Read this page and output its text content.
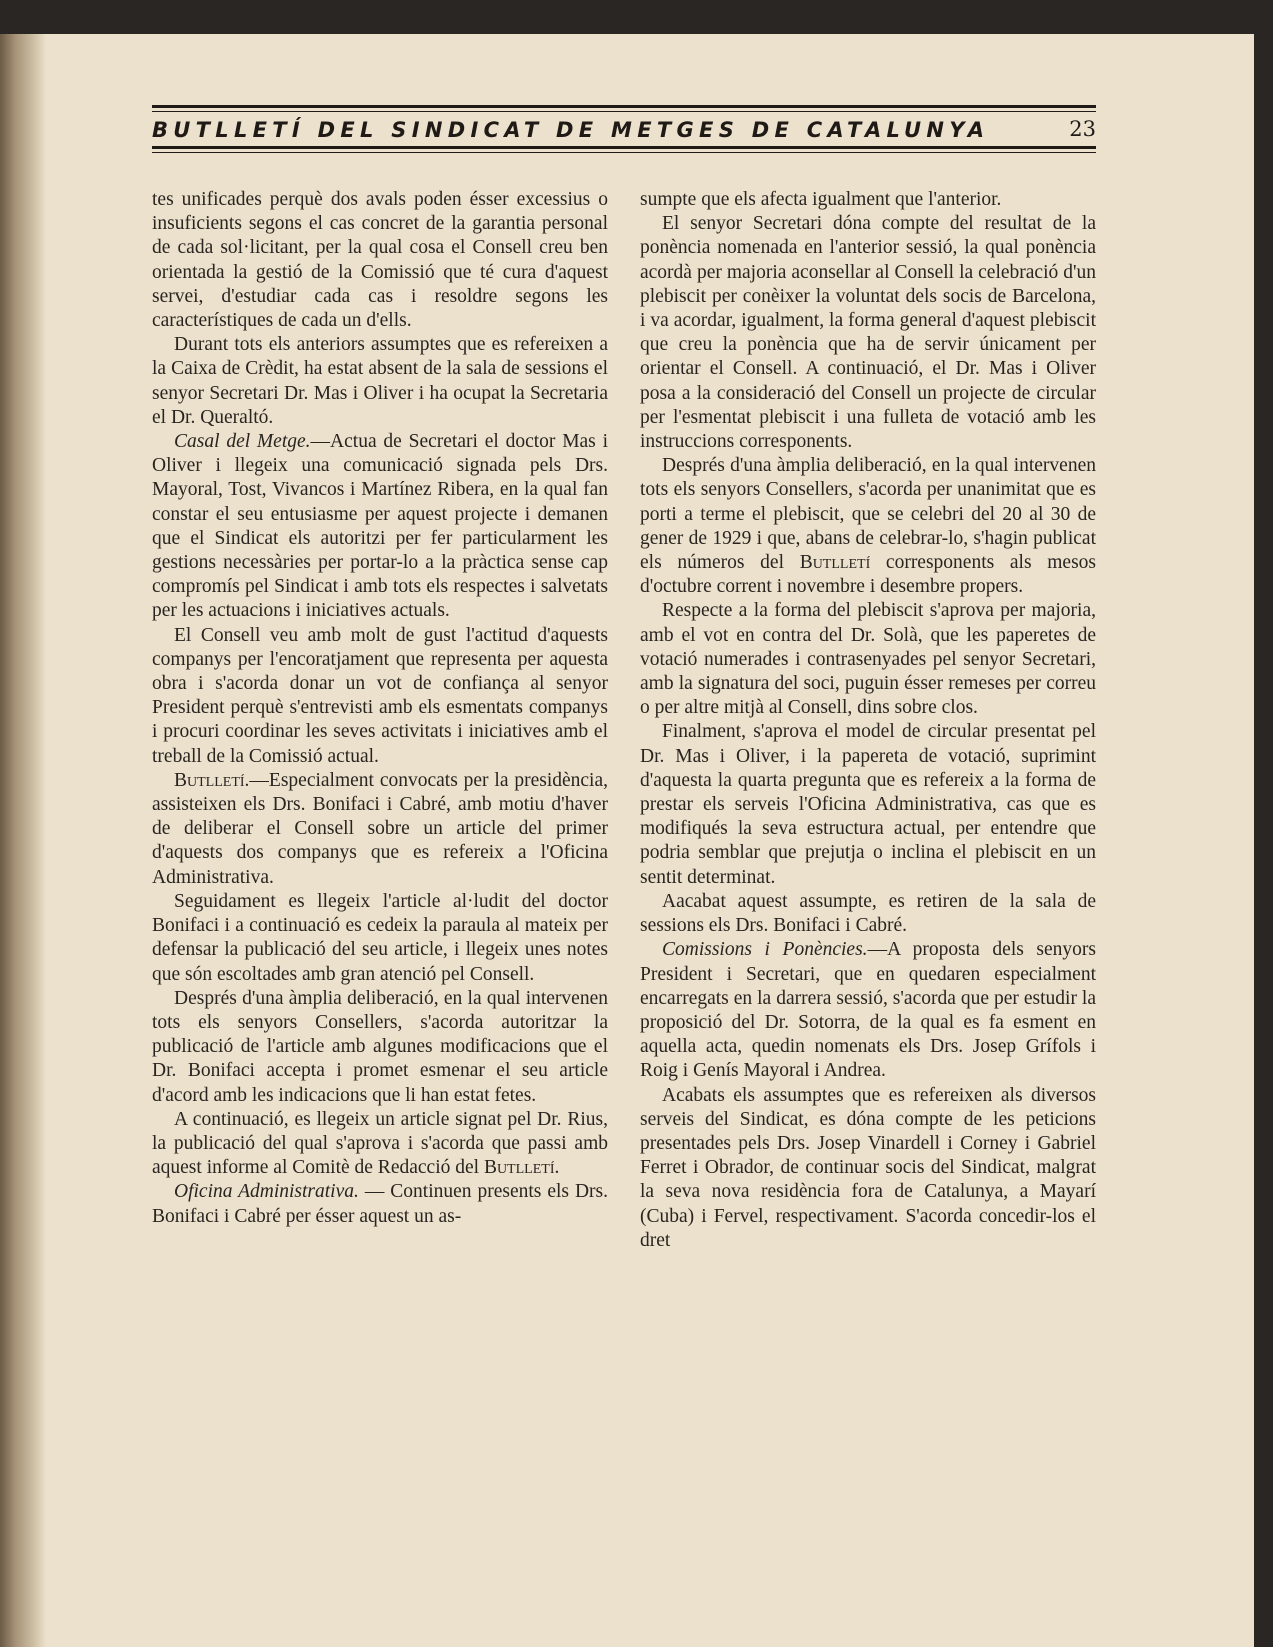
BUTLLETÍ DEL SINDICAT DE METGES DE CATALUNYA	23

tes unificades perquè dos avals poden ésser excessius o insuficients segons el cas concret de la garantia personal de cada sol·licitant, per la qual cosa el Consell creu ben orientada la gestió de la Comissió que té cura d'aquest servei, d'estudiar cada cas i resoldre segons les característiques de cada un d'ells.

Durant tots els anteriors assumptes que es refereixen a la Caixa de Crèdit, ha estat absent de la sala de sessions el senyor Secretari Dr. Mas i Oliver i ha ocupat la Secretaria el Dr. Queraltó.

Casal del Metge.—Actua de Secretari el doctor Mas i Oliver i llegeix una comunicació signada pels Drs. Mayoral, Tost, Vivancos i Martínez Ribera, en la qual fan constar el seu entusiasme per aquest projecte i demanen que el Sindicat els autoritzi per fer particularment les gestions necessàries per portar-lo a la pràctica sense cap compromís pel Sindicat i amb tots els respectes i salvetats per les actuacions i iniciatives actuals.

El Consell veu amb molt de gust l'actitud d'aquests companys per l'encoratjament que representa per aquesta obra i s'acorda donar un vot de confiança al senyor President perquè s'entrevisti amb els esmentats companys i procuri coordinar les seves activitats i iniciatives amb el treball de la Comissió actual.

Butlletí.—Especialment convocats per la presidència, assisteixen els Drs. Bonifaci i Cabré, amb motiu d'haver de deliberar el Consell sobre un article del primer d'aquests dos companys que es refereix a l'Oficina Administrativa.

Seguidament es llegeix l'article al·ludit del doctor Bonifaci i a continuació es cedeix la paraula al mateix per defensar la publicació del seu article, i llegeix unes notes que són escoltades amb gran atenció pel Consell.

Després d'una àmplia deliberació, en la qual intervenen tots els senyors Consellers, s'acorda autoritzar la publicació de l'article amb algunes modificacions que el Dr. Bonifaci accepta i promet esmenar el seu article d'acord amb les indicacions que li han estat fetes.

A continuació, es llegeix un article signat pel Dr. Rius, la publicació del qual s'aprova i s'acorda que passi amb aquest informe al Comitè de Redacció del Butlletí.

Oficina Administrativa. — Continuen presents els Drs. Bonifaci i Cabré per ésser aquest un as-

sumpte que els afecta igualment que l'anterior.

El senyor Secretari dóna compte del resultat de la ponència nomenada en l'anterior sessió, la qual ponència acordà per majoria aconsellar al Consell la celebració d'un plebiscit per conèixer la voluntat dels socis de Barcelona, i va acordar, igualment, la forma general d'aquest plebiscit que creu la ponència que ha de servir únicament per orientar el Consell. A continuació, el Dr. Mas i Oliver posa a la consideració del Consell un projecte de circular per l'esmentat plebiscit i una fulleta de votació amb les instruccions corresponents.

Després d'una àmplia deliberació, en la qual intervenen tots els senyors Consellers, s'acorda per unanimitat que es porti a terme el plebiscit, que se celebri del 20 al 30 de gener de 1929 i que, abans de celebrar-lo, s'hagin publicat els números del Butlletí corresponents als mesos d'octubre corrent i novembre i desembre propers.

Respecte a la forma del plebiscit s'aprova per majoria, amb el vot en contra del Dr. Solà, que les paperetes de votació numerades i contrasenyades pel senyor Secretari, amb la signatura del soci, puguin ésser remeses per correu o per altre mitjà al Consell, dins sobre clos.

Finalment, s'aprova el model de circular presentat pel Dr. Mas i Oliver, i la papereta de votació, suprimint d'aquesta la quarta pregunta que es refereix a la forma de prestar els serveis l'Oficina Administrativa, cas que es modifiqués la seva estructura actual, per entendre que podria semblar que prejutja o inclina el plebiscit en un sentit determinat.

Aacabat aquest assumpte, es retiren de la sala de sessions els Drs. Bonifaci i Cabré.

Comissions i Ponències.—A proposta dels senyors President i Secretari, que en quedaren especialment encarregats en la darrera sessió, s'acorda que per estudir la proposició del Dr. Sotorra, de la qual es fa esment en aquella acta, quedin nomenats els Drs. Josep Grífols i Roig i Genís Mayoral i Andrea.

Acabats els assumptes que es refereixen als diversos serveis del Sindicat, es dóna compte de les peticions presentades pels Drs. Josep Vinardell i Corney i Gabriel Ferret i Obrador, de continuar socis del Sindicat, malgrat la seva nova residència fora de Catalunya, a Mayarí (Cuba) i Fervel, respectivament. S'acorda concedir-los el dret
